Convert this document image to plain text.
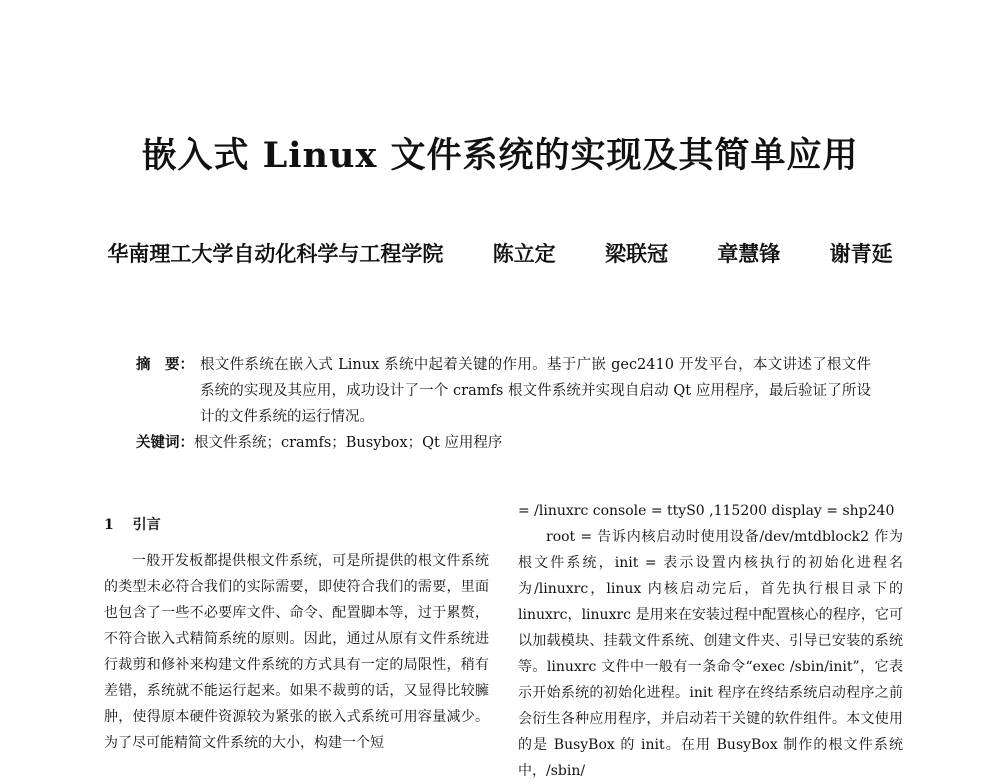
嵌入式 Linux 文件系统的实现及其简单应用
华南理工大学自动化科学与工程学院 陈立定 梁联冠 章慧锋 谢青延
摘　要： 根文件系统在嵌入式 Linux 系统中起着关键的作用。基于广嵌 gec2410 开发平台，本文讲述了根文件系统的实现及其应用，成功设计了一个 cramfs 根文件系统并实现自启动 Qt 应用程序，最后验证了所设计的文件系统的运行情况。
关键词： 根文件系统；cramfs；Busybox；Qt 应用程序
1 引言

一般开发板都提供根文件系统，可是所提供的根文件系统的类型未必符合我们的实际需要，即使符合我们的需要，里面也包含了一些不必要库文件、命令、配置脚本等，过于累赘，不符合嵌入式精简系统的原则。因此，通过从原有文件系统进行裁剪和修补来构建文件系统的方式具有一定的局限性，稍有差错，系统就不能运行起来。如果不裁剪的话，又显得比较臃肿，使得原本硬件资源较为紧张的嵌入式系统可用容量减少。为了尽可能精简文件系统的大小，构建一个短

= /linuxrc console = ttyS0 ,115200 display = shp240

root = 告诉内核启动时使用设备/dev/mtdblock2 作为根文件系统，init = 表示设置内核执行的初始化进程名为/linuxrc，linux 内核启动完后，首先执行根目录下的 linuxrc，linuxrc 是用来在安装过程中配置核心的程序，它可以加载模块、挂载文件系统、创建文件夹、引导已安装的系统等。linuxrc 文件中一般有一条命令“exec /sbin/init”，它表示开始系统的初始化进程。init 程序在终结系统启动程序之前会衍生各种应用程序，并启动若干关键的软件组件。本文使用的是 BusyBox 的 init。在用 BusyBox 制作的根文件系统中，/sbin/
